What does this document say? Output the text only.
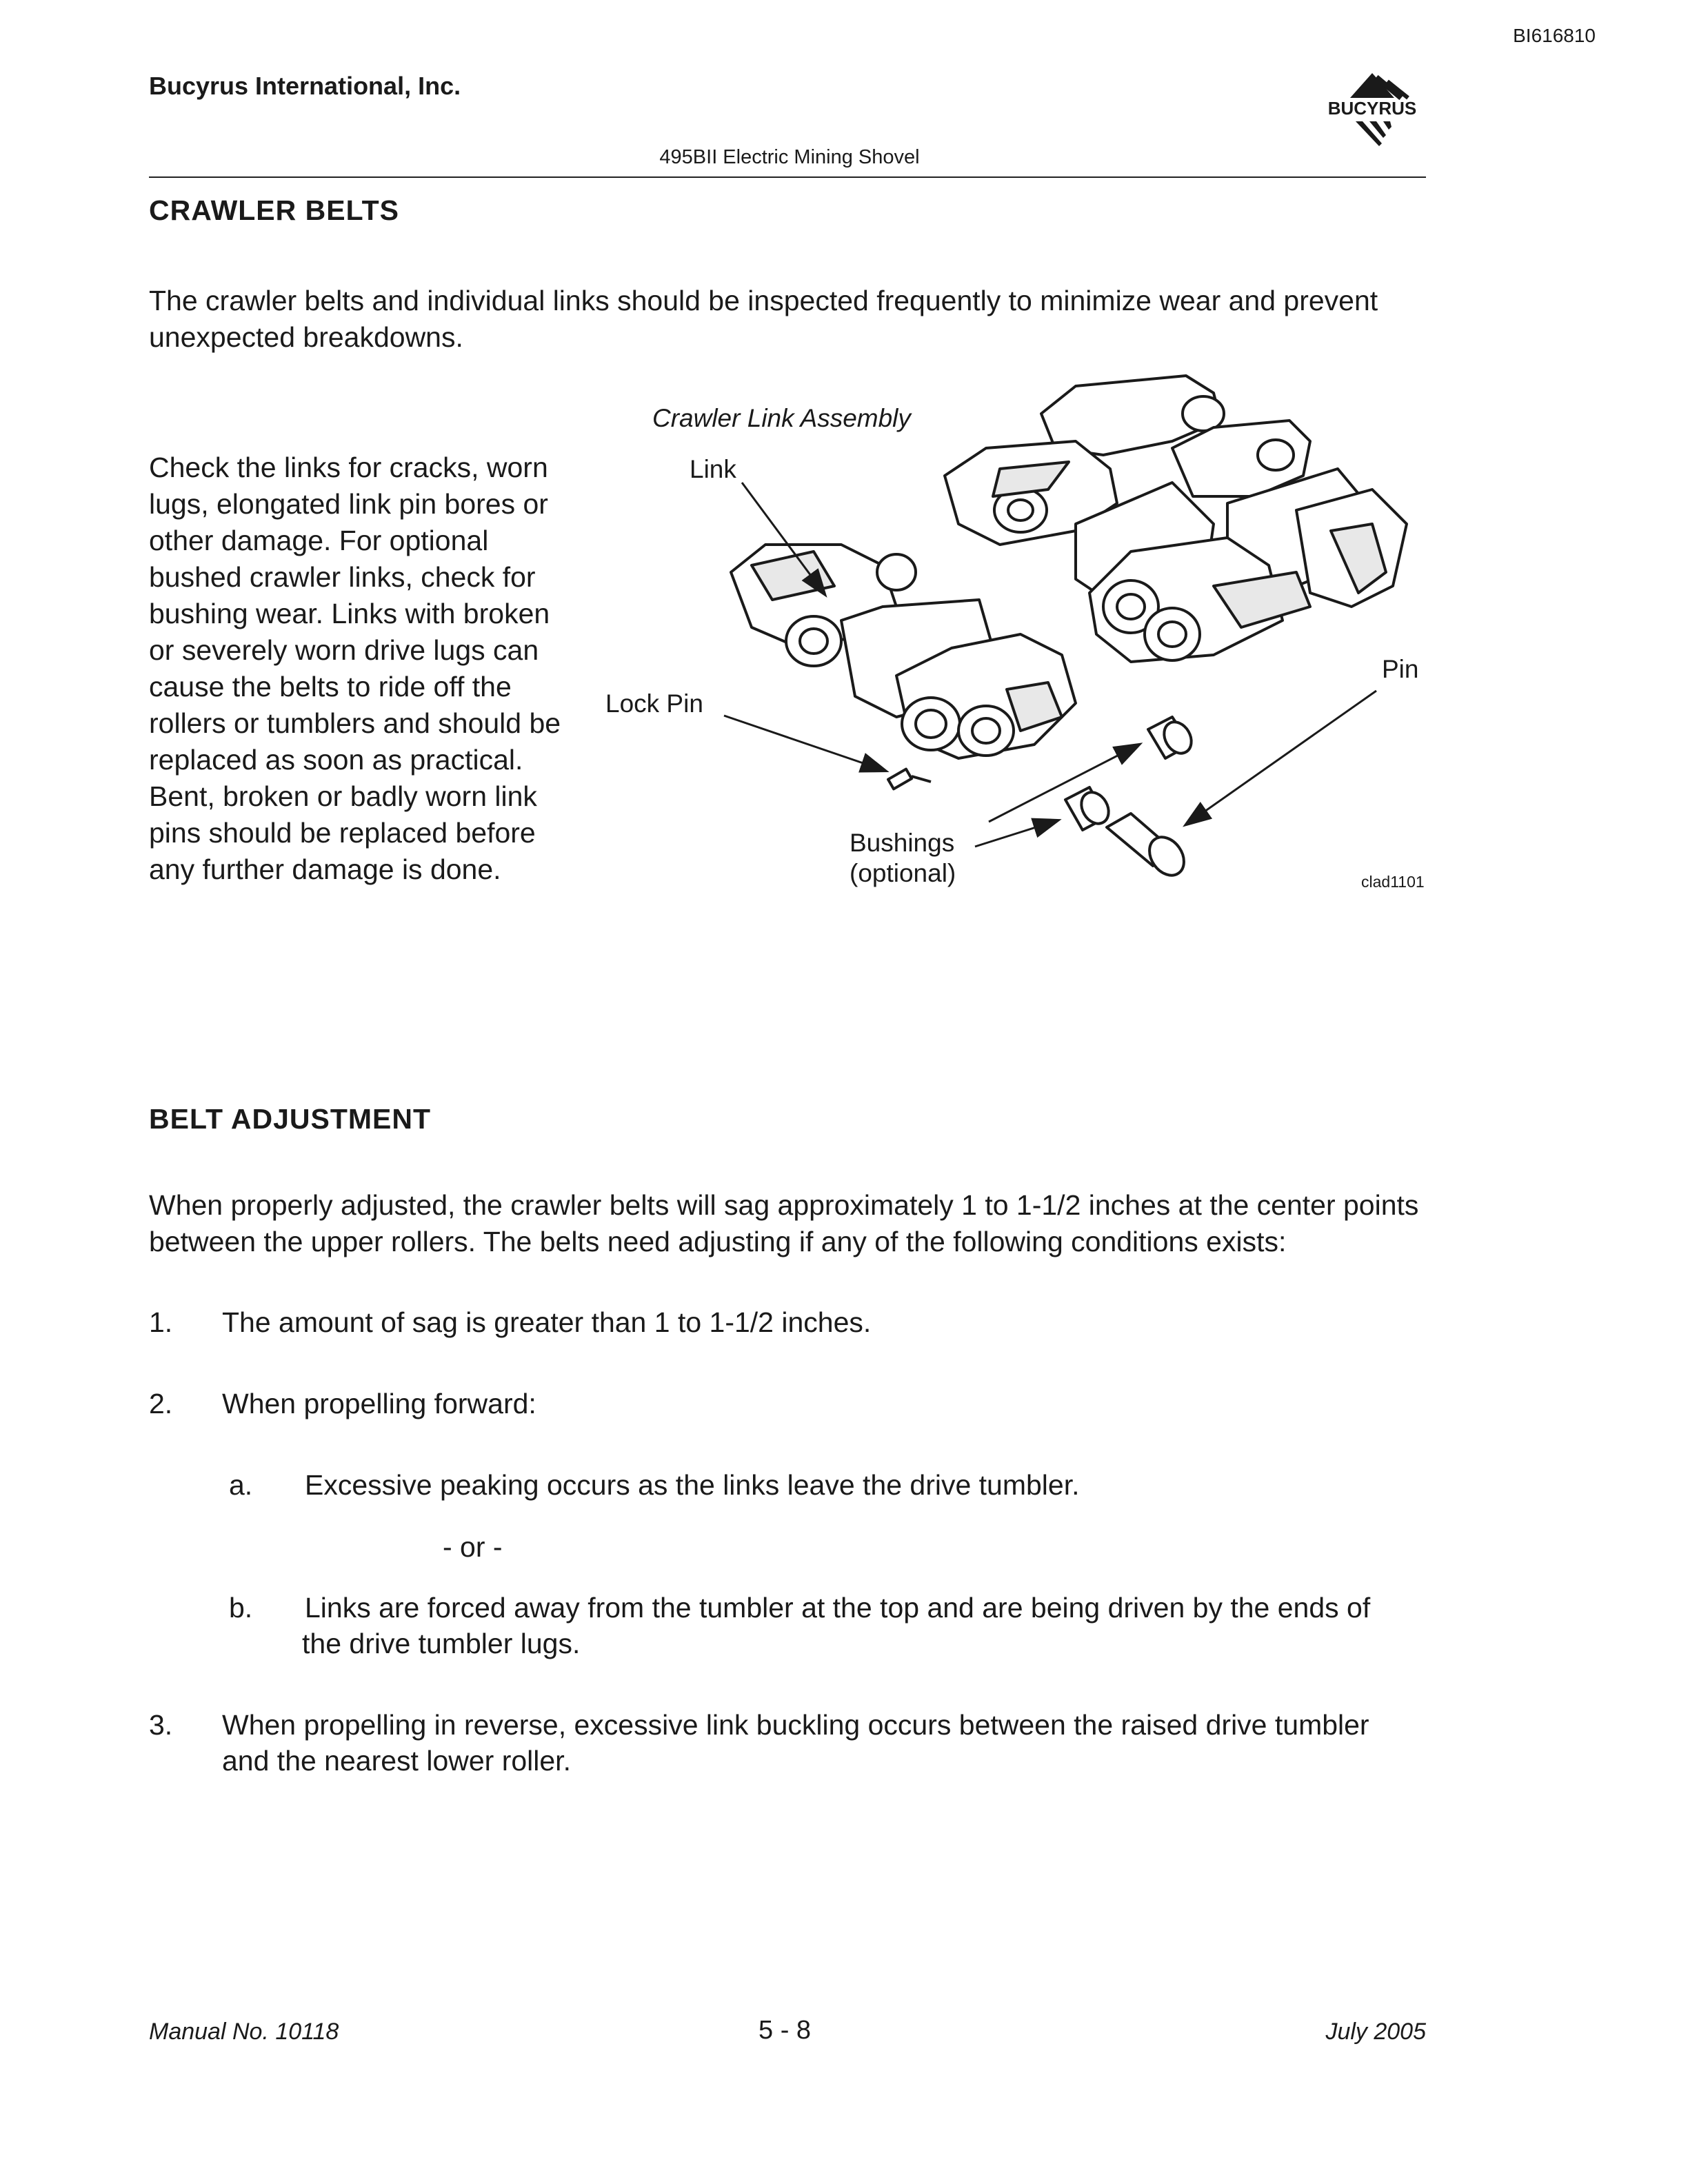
BI616810
Bucyrus International, Inc.
BUCYRUS
495BII Electric Mining Shovel
CRAWLER BELTS
The crawler belts and individual links should be inspected frequently to minimize wear and prevent unexpected breakdowns.
Check the links for cracks, worn
lugs, elongated link pin bores or
other damage. For optional
bushed crawler links, check for
bushing wear. Links with broken
or severely worn drive lugs can
cause the belts to ride off the
rollers or tumblers and should be
replaced as soon as practical.
Bent, broken or badly worn link
pins should be replaced before
any further damage is done.
Crawler Link Assembly
Link
Pin
Lock Pin
Bushings
(optional)	clad1101
BELT ADJUSTMENT
When properly adjusted, the crawler belts will sag approximately 1 to 1-1/2 inches at the center points between the upper rollers. The belts need adjusting if any of the following conditions exists:
1. The amount of sag is greater than 1 to 1-1/2 inches.
2. When propelling forward:
a. Excessive peaking occurs as the links leave the drive tumbler.
- or -
b. Links are forced away from the tumbler at the top and are being driven by the ends of
the drive tumbler lugs.
3. When propelling in reverse, excessive link buckling occurs between the raised drive tumbler
and the nearest lower roller.
Manual No. 10118	5 - 8	July 2005
